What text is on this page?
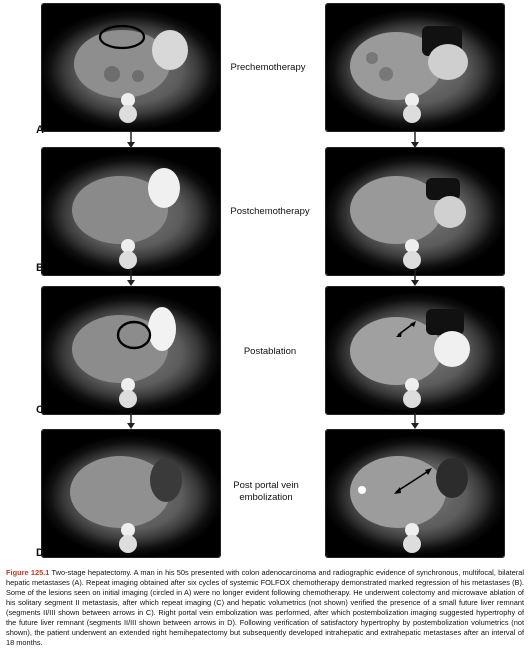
A
Prechemotherapy
B
Postchemotherapy
C
Postablation
D
Post portal vein embolization
Figure 125.1 Two-stage hepatectomy. A man in his 50s presented with colon adenocarcinoma and radiographic evidence of synchronous, multifocal, bilateral hepatic metastases (A). Repeat imaging obtained after six cycles of systemic FOLFOX chemotherapy demonstrated marked regression of his metastases (B). Some of the lesions seen on initial imaging (circled in A) were no longer evident following chemotherapy. He underwent colectomy and microwave ablation of his solitary segment II metastasis, after which repeat imaging (C) and hepatic volumetrics (not shown) verified the presence of a small future liver remnant (segments II/III shown between arrows in C). Right portal vein embolization was performed, after which postembolization imaging suggested hypertrophy of the future liver remnant (segments II/III shown between arrows in D). Following verification of satisfactory hypertrophy by postembolization volumetrics (not shown), the patient underwent an extended right hemihepatectomy but subsequently developed intrahepatic and extrahepatic metastases after an interval of 18 months.
